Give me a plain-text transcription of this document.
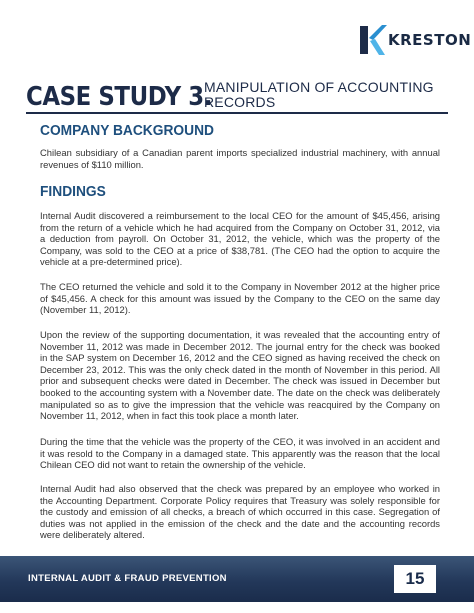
KRESTON
CASE STUDY 3.
MANIPULATION OF ACCOUNTING RECORDS
COMPANY BACKGROUND

Chilean subsidiary of a Canadian parent imports specialized industrial machinery, with annual revenues of $110 million.

FINDINGS

Internal Audit discovered a reimbursement to the local CEO for the amount of $45,456, arising from the return of a vehicle which he had acquired from the Company on October 31, 2012, via a deduction from payroll. On October 31, 2012, the vehicle, which was the property of the Company, was sold to the CEO at a price of $38,781. (The CEO had the option to acquire the vehicle at a pre-determined price).

The CEO returned the vehicle and sold it to the Company in November 2012 at the higher price of $45,456. A check for this amount was issued by the Company to the CEO on the same day (November 11, 2012).

Upon the review of the supporting documentation, it was revealed that the accounting entry of November 11, 2012 was made in December 2012. The journal entry for the check was booked in the SAP system on December 16, 2012 and the CEO signed as having received the check on December 23, 2012. This was the only check dated in the month of November in this period. All prior and subsequent checks were dated in December. The check was issued in December but booked to the accounting system with a November date. The date on the check was deliberately manipulated so as to give the impression that the vehicle was reacquired by the Company on November 11, 2012, when in fact this took place a month later.

During the time that the vehicle was the property of the CEO, it was involved in an accident and it was resold to the Company in a damaged state. This apparently was the reason that the local Chilean CEO did not want to retain the ownership of the vehicle.

Internal Audit had also observed that the check was prepared by an employee who worked in the Accounting Department. Corporate Policy requires that Treasury was solely responsible for the custody and emission of all checks, a breach of which occurred in this case. Segregation of duties was not applied in the emission of the check and the date and the accounting records were deliberately altered.

INTERNAL AUDIT & FRAUD PREVENTION	15
